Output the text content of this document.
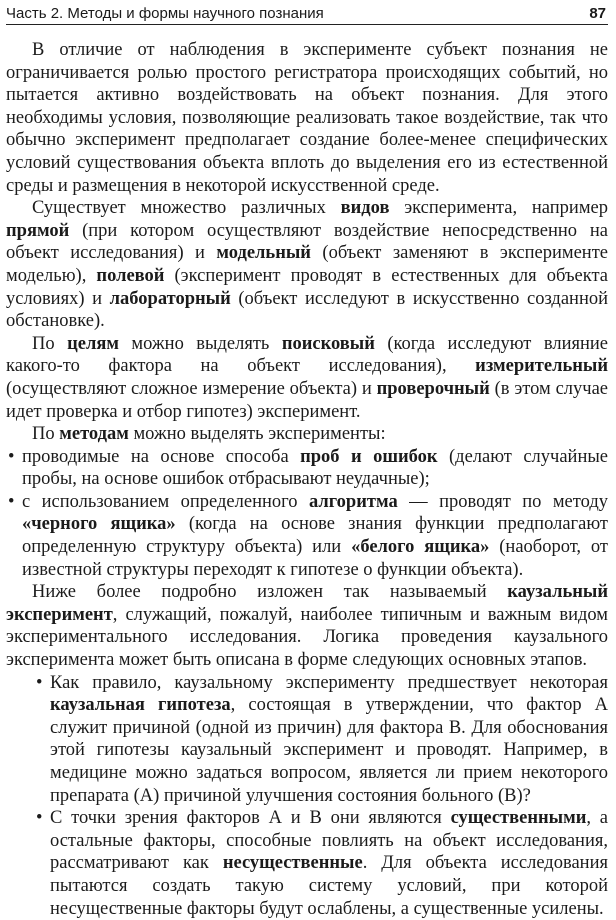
Часть 2. Методы и формы научного познания	87

В отличие от наблюдения в эксперименте субъект познания не ограничивается ролью простого регистратора происходящих событий, но пытается активно воздействовать на объект познания. Для этого необходимы условия, позволяющие реализовать такое воздействие, так что обычно эксперимент предполагает создание более-менее специфических условий существования объекта вплоть до выделения его из естественной среды и размещения в некоторой искусственной среде.

Существует множество различных видов эксперимента, например прямой (при котором осуществляют воздействие непосредственно на объект исследования) и модельный (объект заменяют в эксперименте моделью), полевой (эксперимент проводят в естественных для объекта условиях) и лабораторный (объект исследуют в искусственно созданной обстановке).

По целям можно выделять поисковый (когда исследуют влияние какого-то фактора на объект исследования), измерительный (осуществляют сложное измерение объекта) и проверочный (в этом случае идет проверка и отбор гипотез) эксперимент.

По методам можно выделять эксперименты:

• проводимые на основе способа проб и ошибок (делают случайные пробы, на основе ошибок отбрасывают неудачные);
• с использованием определенного алгоритма — проводят по методу «черного ящика» (когда на основе знания функции предполагают определенную структуру объекта) или «белого ящика» (наоборот, от известной структуры переходят к гипотезе о функции объекта).

Ниже более подробно изложен так называемый каузальный эксперимент, служащий, пожалуй, наиболее типичным и важным видом экспериментального исследования. Логика проведения каузального эксперимента может быть описана в форме следующих основных этапов.

• Как правило, каузальному эксперименту предшествует некоторая каузальная гипотеза, состоящая в утверждении, что фактор А служит причиной (одной из причин) для фактора В. Для обоснования этой гипотезы каузальный эксперимент и проводят. Например, в медицине можно задаться вопросом, является ли прием некоторого препарата (А) причиной улучшения состояния больного (В)?
• С точки зрения факторов А и В они являются существенными, а остальные факторы, способные повлиять на объект исследования, рассматривают как несущественные. Для объекта исследования пытаются создать такую систему условий, при которой несущественные факторы будут ослаблены, а существенные усилены.
